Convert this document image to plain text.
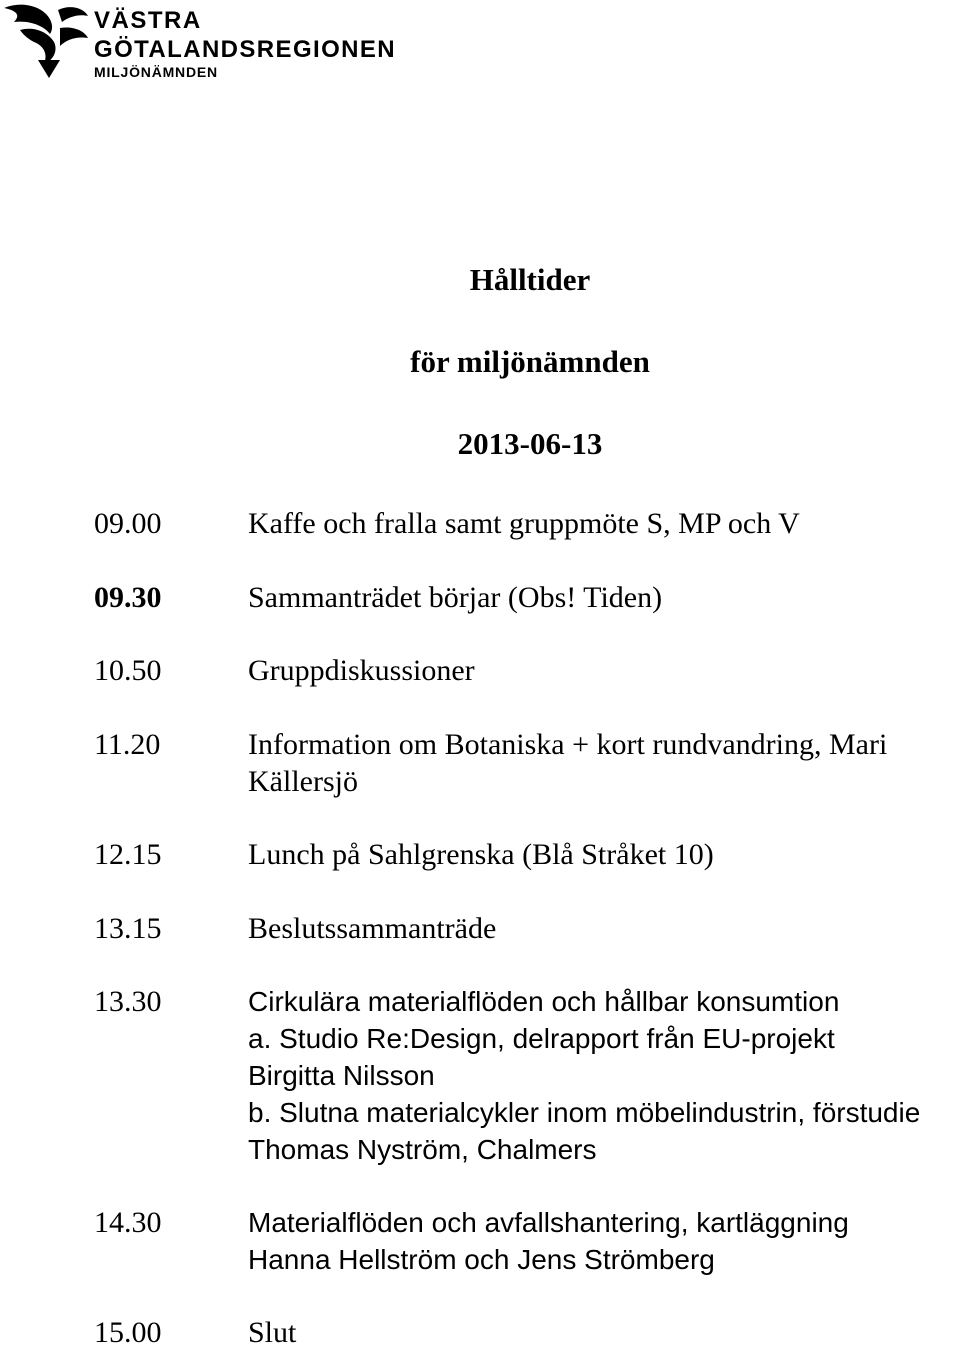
VÄSTRA
GÖTALANDSREGIONEN
MILJÖNÄMNDEN
Hålltider
för miljönämnden
2013-06-13
09.00	Kaffe och fralla samt gruppmöte S, MP och V
09.30	Sammanträdet börjar (Obs! Tiden)
10.50	Gruppdiskussioner
11.20	Information om Botaniska + kort rundvandring, Mari
Källersjö
12.15	Lunch på Sahlgrenska (Blå Stråket 10)
13.15	Beslutssammanträde
13.30	Cirkulära materialflöden och hållbar konsumtion
a. Studio Re:Design, delrapport från EU-projekt
Birgitta Nilsson
b. Slutna materialcykler inom möbelindustrin, förstudie
Thomas Nyström, Chalmers
14.30	Materialflöden och avfallshantering, kartläggning
Hanna Hellström och Jens Strömberg
15.00	Slut
